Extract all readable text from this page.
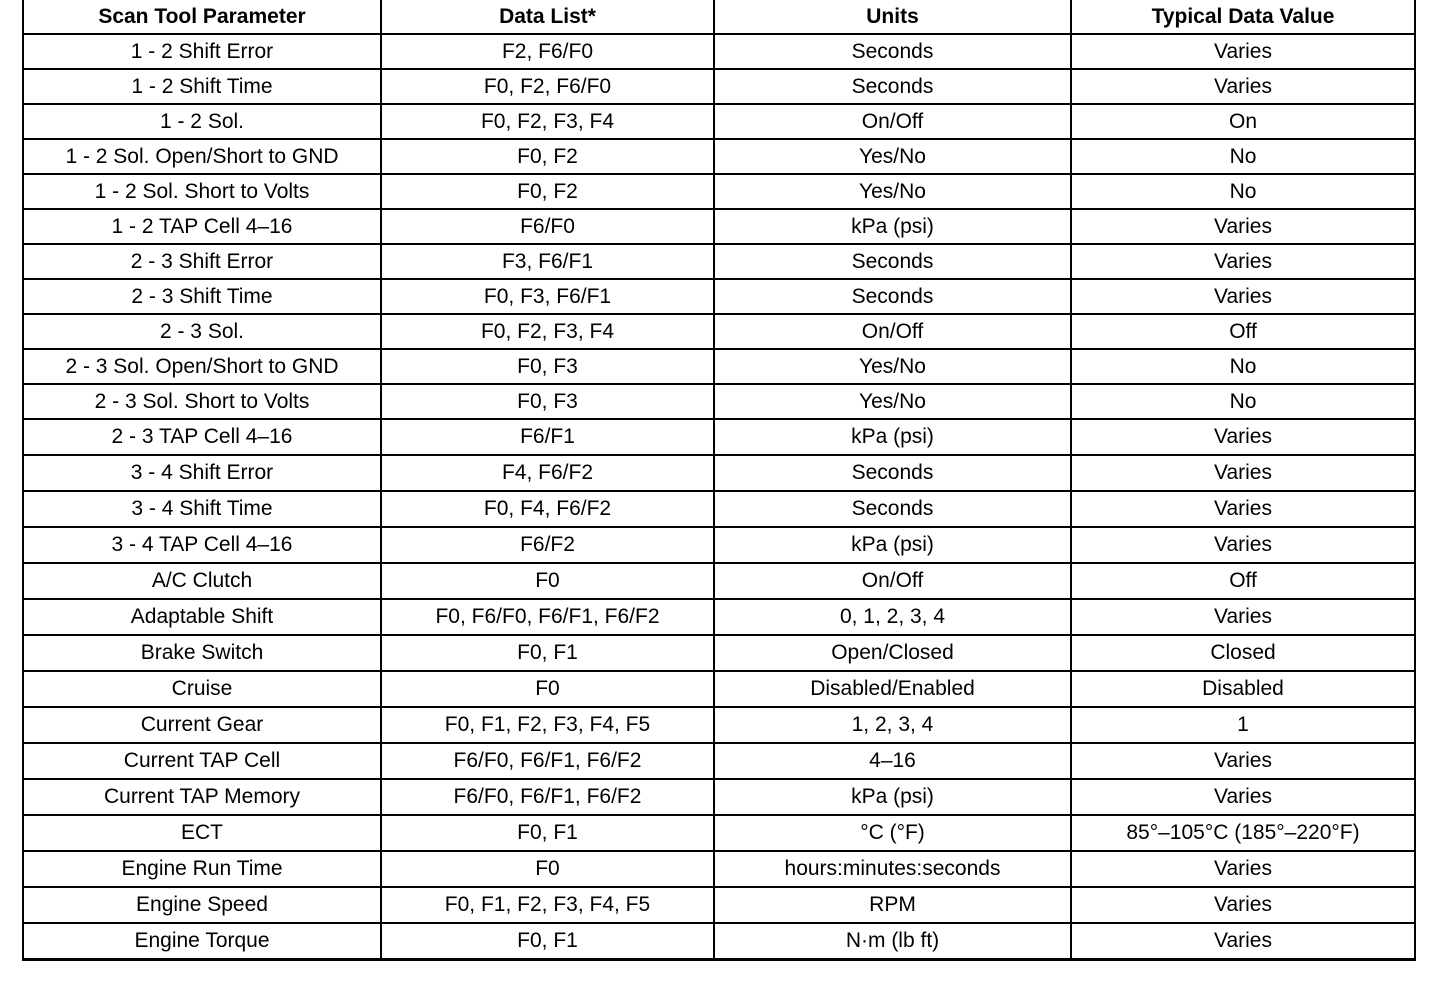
Scan Tool Parameter	Data List*	Units	Typical Data Value
1 - 2 Shift Error	F2, F6/F0	Seconds	Varies
1 - 2 Shift Time	F0, F2, F6/F0	Seconds	Varies
1 - 2 Sol.	F0, F2, F3, F4	On/Off	On
1 - 2 Sol. Open/Short to GND	F0, F2	Yes/No	No
1 - 2 Sol. Short to Volts	F0, F2	Yes/No	No
1 - 2 TAP Cell 4–16	F6/F0	kPa (psi)	Varies
2 - 3 Shift Error	F3, F6/F1	Seconds	Varies
2 - 3 Shift Time	F0, F3, F6/F1	Seconds	Varies
2 - 3 Sol.	F0, F2, F3, F4	On/Off	Off
2 - 3 Sol. Open/Short to GND	F0, F3	Yes/No	No
2 - 3 Sol. Short to Volts	F0, F3	Yes/No	No
2 - 3 TAP Cell 4–16	F6/F1	kPa (psi)	Varies
3 - 4 Shift Error	F4, F6/F2	Seconds	Varies
3 - 4 Shift Time	F0, F4, F6/F2	Seconds	Varies
3 - 4 TAP Cell 4–16	F6/F2	kPa (psi)	Varies
A/C Clutch	F0	On/Off	Off
Adaptable Shift	F0, F6/F0, F6/F1, F6/F2	0, 1, 2, 3, 4	Varies
Brake Switch	F0, F1	Open/Closed	Closed
Cruise	F0	Disabled/Enabled	Disabled
Current Gear	F0, F1, F2, F3, F4, F5	1, 2, 3, 4	1
Current TAP Cell	F6/F0, F6/F1, F6/F2	4–16	Varies
Current TAP Memory	F6/F0, F6/F1, F6/F2	kPa (psi)	Varies
ECT	F0, F1	°C (°F)	85°–105°C (185°–220°F)
Engine Run Time	F0	hours:minutes:seconds	Varies
Engine Speed	F0, F1, F2, F3, F4, F5	RPM	Varies
Engine Torque	F0, F1	N·m (lb ft)	Varies
